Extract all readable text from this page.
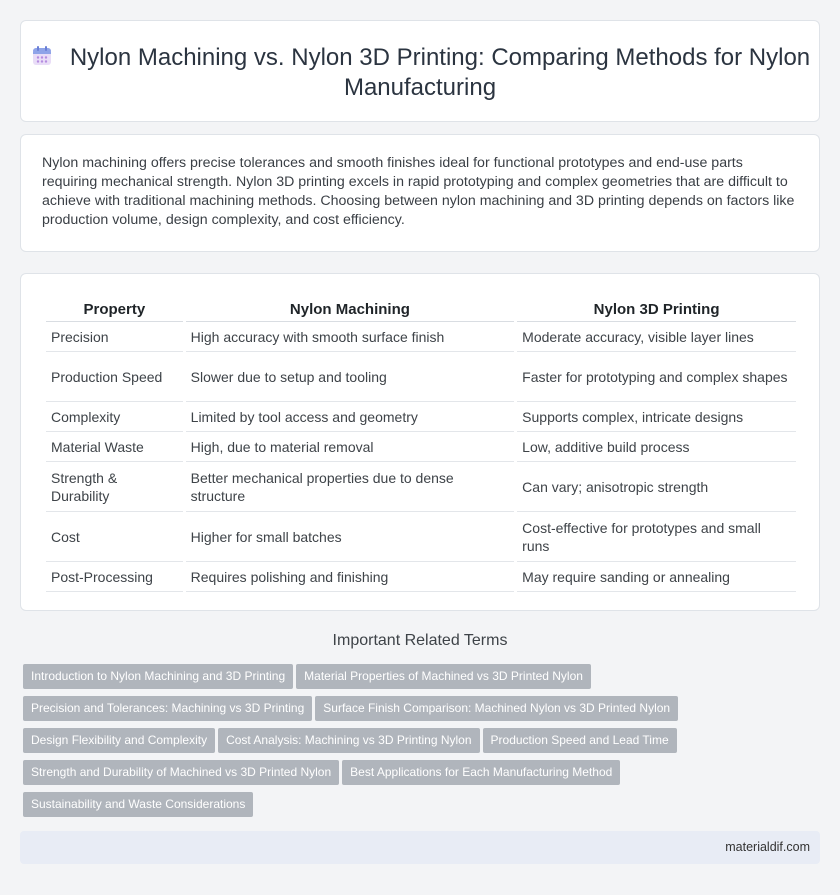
Nylon Machining vs. Nylon 3D Printing: Comparing Methods for Nylon Manufacturing

Nylon machining offers precise tolerances and smooth finishes ideal for functional prototypes and end-use parts requiring mechanical strength. Nylon 3D printing excels in rapid prototyping and complex geometries that are difficult to achieve with traditional machining methods. Choosing between nylon machining and 3D printing depends on factors like production volume, design complexity, and cost efficiency.

Property	Nylon Machining	Nylon 3D Printing
Precision	High accuracy with smooth surface finish	Moderate accuracy, visible layer lines
Production Speed	Slower due to setup and tooling	Faster for prototyping and complex shapes
Complexity	Limited by tool access and geometry	Supports complex, intricate designs
Material Waste	High, due to material removal	Low, additive build process
Strength & Durability	Better mechanical properties due to dense structure	Can vary; anisotropic strength
Cost	Higher for small batches	Cost-effective for prototypes and small runs
Post-Processing	Requires polishing and finishing	May require sanding or annealing
Important Related Terms
Introduction to Nylon Machining and 3D Printing Material Properties of Machined vs 3D Printed Nylon
Precision and Tolerances: Machining vs 3D Printing Surface Finish Comparison: Machined Nylon vs 3D Printed Nylon
Design Flexibility and Complexity Cost Analysis: Machining vs 3D Printing Nylon Production Speed and Lead Time
Strength and Durability of Machined vs 3D Printed Nylon Best Applications for Each Manufacturing Method
Sustainability and Waste Considerations
materialdif.com
